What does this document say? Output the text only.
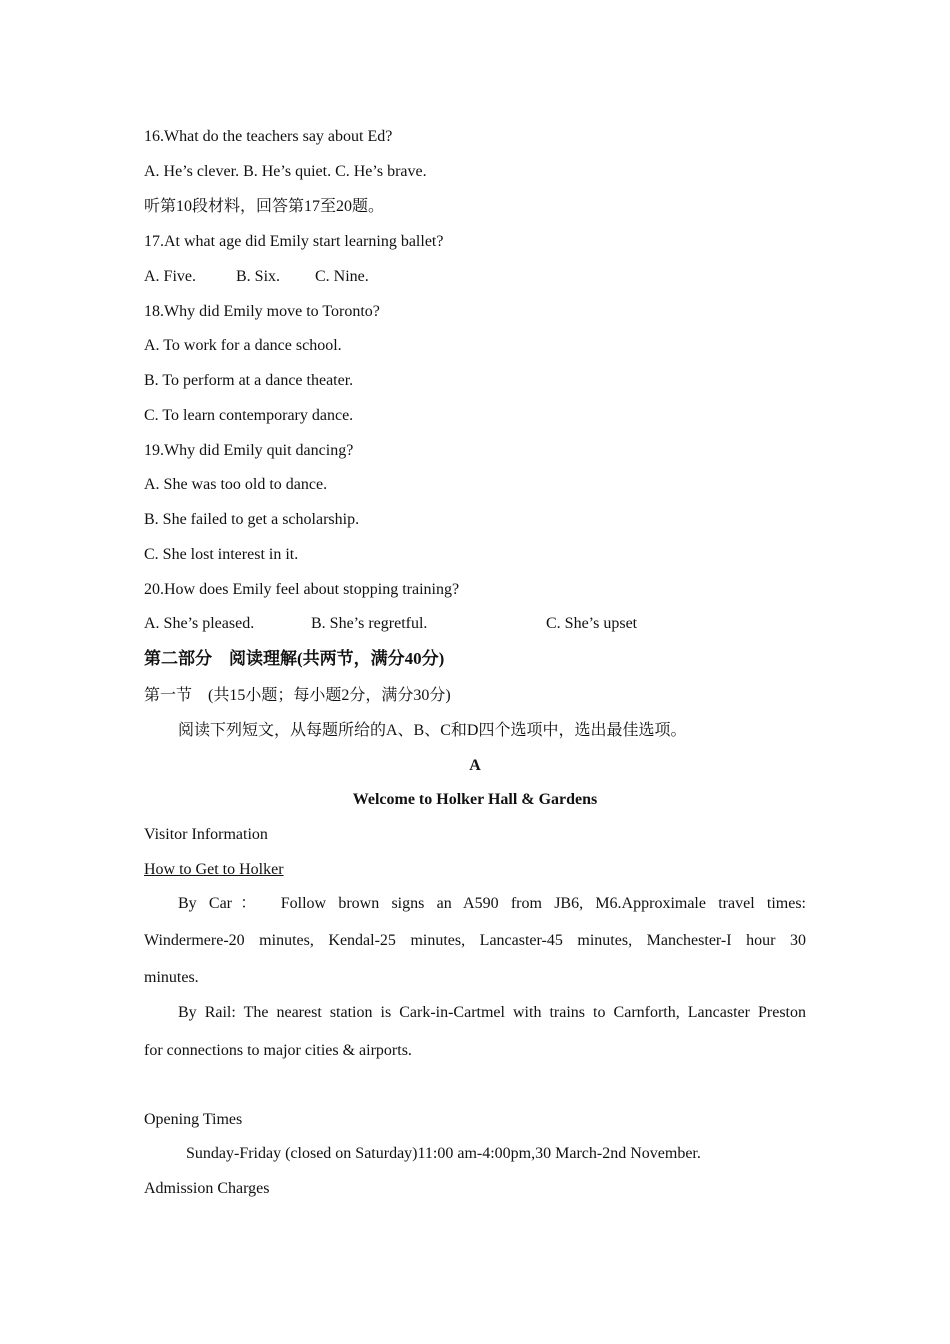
16.What do the teachers say about Ed?
A. He’s clever. B. He’s quiet. C. He’s brave.
听第10段材料，回答第17至20题。
17.At what age did Emily start learning ballet?
A. Five.	B. Six. C. Nine.
18.Why did Emily move to Toronto?
A. To work for a dance school.
B. To perform at a dance theater.
C. To learn contemporary dance.
19.Why did Emily quit dancing?
A. She was too old to dance.
B. She failed to get a scholarship.
C. She lost interest in it.
20.How does Emily feel about stopping training?
A. She’s pleased.	B. She’s regretful.	C. She’s upset
第二部分　阅读理解(共两节，满分40分)
第一节　(共15小题；每小题2分，满分30分)
阅读下列短文，从每题所给的A、B、C和D四个选项中，选出最佳选项。
A
Welcome to Holker Hall & Gardens
Visitor Information
How to Get to Holker
By Car：　Follow brown signs an A590 from JB6, M6.Approximale travel times:
Windermere-20 minutes, Kendal-25 minutes, Lancaster-45 minutes, Manchester-I hour 30
minutes.
By Rail: The nearest station is Cark-in-Cartmel with trains to Carnforth, Lancaster Preston
for connections to major cities & airports.
Opening Times
Sunday-Friday (closed on Saturday)11:00 am-4:00pm,30 March-2nd November.
Admission Charges
